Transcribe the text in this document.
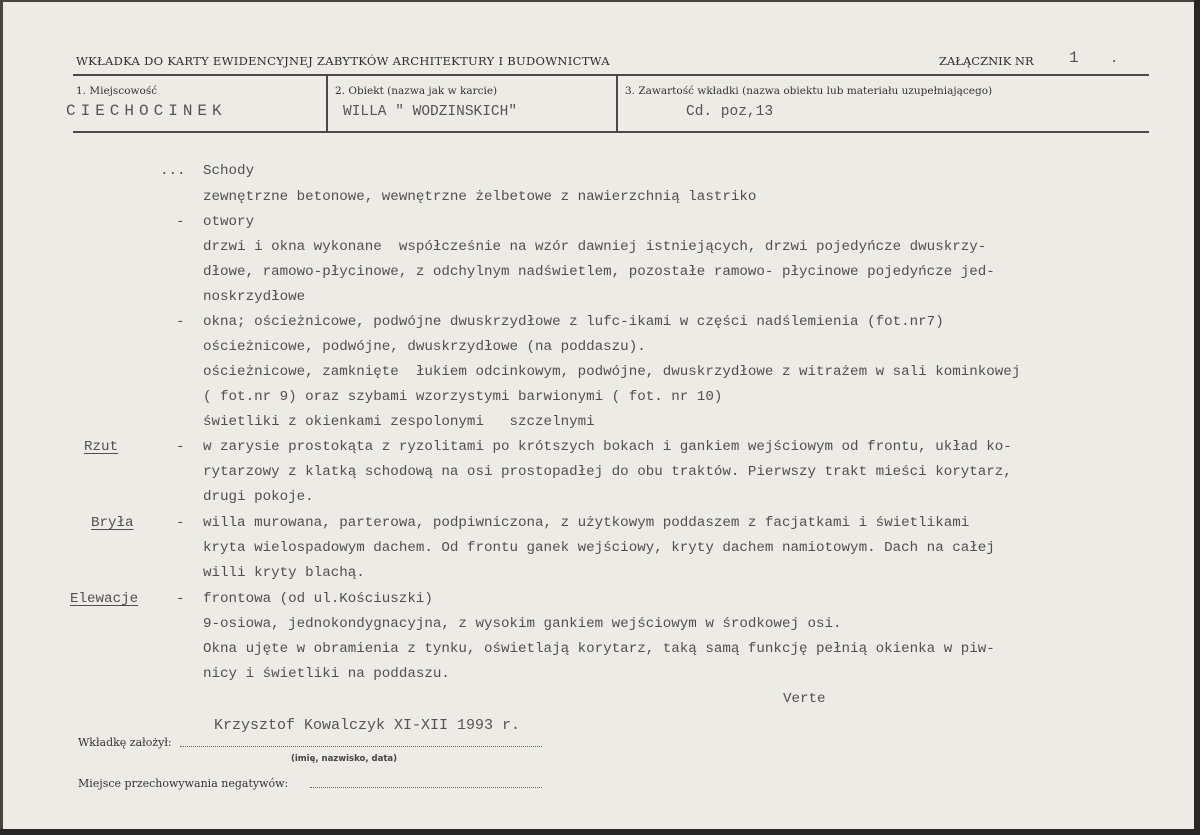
WKŁADKA DO KARTY EWIDENCYJNEJ ZABYTKÓW ARCHITEKTURY I BUDOWNICTWA	ZAŁĄCZNIK NR 1 .
1. Miejscowość
CIECHOCINEK
2. Obiekt (nazwa jak w karcie)
WILLA " WODZINSKICH"
3. Zawartość wkładki (nazwa obiektu lub materiału uzupełniającego)
Cd. poz,13
... Schody
zewnętrzne betonowe, wewnętrzne żelbetowe z nawierzchnią lastriko
- otwory
drzwi i okna wykonane  współcześnie na wzór dawniej istniejących, drzwi pojedyńcze dwuskrzy-
dłowe, ramowo-płycinowe, z odchylnym nadświetlem, pozostałe ramowo- płycinowe pojedyńcze jed-
noskrzydłowe
- okna; ościeżnicowe, podwójne dwuskrzydłowe z lufc-ikami w części nadślemienia (fot.nr7)
ościeżnicowe, podwójne, dwuskrzydłowe (na poddaszu).
ościeżnicowe, zamknięte  łukiem odcinkowym, podwójne, dwuskrzydłowe z witrażem w sali kominkowej
( fot.nr 9) oraz szybami wzorzystymi barwionymi ( fot. nr 10)
świetliki z okienkami zespolonymi   szczelnymi
Rzut	- w zarysie prostokąta z ryzolitami po krótszych bokach i gankiem wejściowym od frontu, układ ko-
rytarzowy z klatką schodową na osi prostopadłej do obu traktów. Pierwszy trakt mieści korytarz,
drugi pokoje.
Bryła	- willa murowana, parterowa, podpiwniczona, z użytkowym poddaszem z facjatkami i świetlikami
kryta wielospadowym dachem. Od frontu ganek wejściowy, kryty dachem namiotowym. Dach na całej
willi kryty blachą.
Elewacje	- frontowa (od ul.Kościuszki)
9-osiowa, jednokondygnacyjna, z wysokim gankiem wejściowym w środkowej osi.
Okna ujęte w obramienia z tynku, oświetlają korytarz, taką samą funkcję pełnią okienka w piw-
nicy i świetliki na poddaszu.
Verte
Krzysztof Kowalczyk XI-XII 1993 r.
Wkładkę założył:
(imię, nazwisko, data)
Miejsce przechowywania negatywów:
